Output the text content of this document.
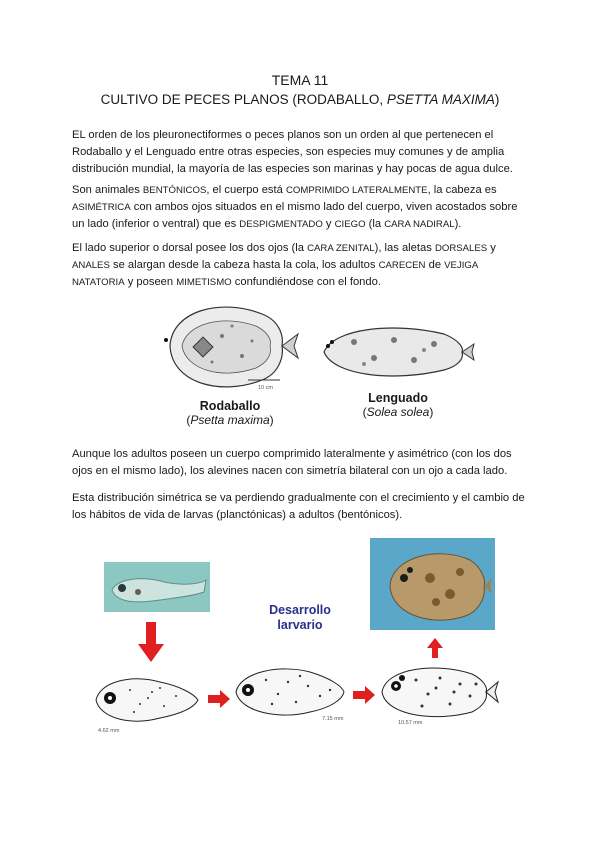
TEMA 11
CULTIVO DE PECES PLANOS (RODABALLO, PSETTA MAXIMA)
EL orden de los pleuronectiformes o peces planos son un orden al que pertenecen el Rodaballo y el Lenguado entre otras especies, son especies muy comunes y de amplia distribución mundial, la mayoría de las especies son marinas y hay pocas de agua dulce.
Son animales BENTÓNICOS, el cuerpo está COMPRIMIDO LATERALMENTE, la cabeza es ASIMÉTRICA con ambos ojos situados en el mismo lado del cuerpo, viven acostados sobre un lado (inferior o ventral) que es DESPIGMENTADO y CIEGO (la CARA NADIRAL).
El lado superior o dorsal posee los dos ojos (la CARA ZENITAL), las aletas DORSALES y ANALES se alargan desde la cabeza hasta la cola, los adultos CARECEN de VEJIGA NATATORIA y poseen MIMETISMO confundiéndose con el fondo.
10 cm
Rodaballo
(Psetta maxima)
Lenguado
(Solea solea)
Aunque los adultos poseen un cuerpo comprimido lateralmente y asimétrico (con los dos ojos en el mismo lado), los alevines nacen con simetría bilateral con un ojo a cada lado.
Esta distribución simétrica se va perdiendo gradualmente con el crecimiento y el cambio de los hábitos de vida de larvas (planctónicas) a adultos (bentónicos).
Desarrollo
larvario
4.62 mm
7.15 mm
10.57 mm
